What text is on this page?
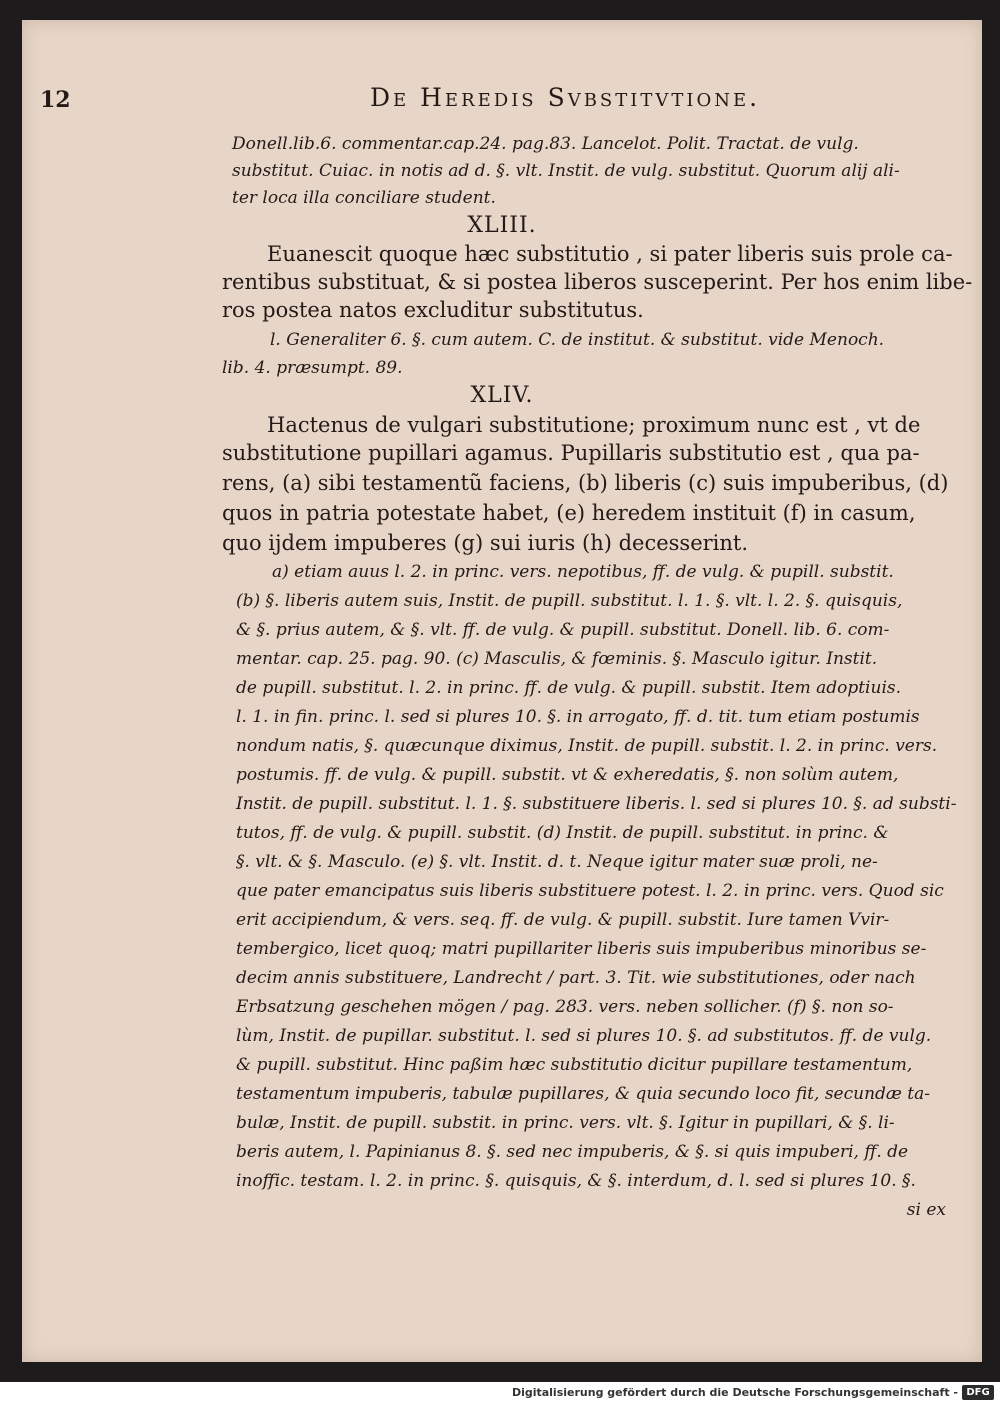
12	De Heredis Svbstitvtione.
Donell.lib.6. commentar.cap.24. pag.83. Lancelot. Polit. Tractat. de vulg.
substitut. Cuiac. in notis ad d. §. vlt. Instit. de vulg. substitut. Quorum alij ali-
ter loca illa conciliare student.
XLIII.
Euanescit quoque hæc substitutio , si pater liberis suis prole ca-
rentibus substituat, & si postea liberos susceperint. Per hos enim libe-
ros postea natos excluditur substitutus.
l. Generaliter 6. §. cum autem. C. de institut. & substitut. vide Menoch.
lib. 4. præsumpt. 89.
XLIV.
Hactenus de vulgari substitutione; proximum nunc est , vt de
substitutione pupillari agamus. Pupillaris substitutio est , qua pa-
rens, (a) sibi testamentũ faciens, (b) liberis (c) suis impuberibus, (d)
quos in patria potestate habet, (e) heredem instituit (f) in casum,
quo ijdem impuberes (g) sui iuris (h) decesserint.
a) etiam auus l. 2. in princ. vers. nepotibus, ff. de vulg. & pupill. substit.
(b) §. liberis autem suis, Instit. de pupill. substitut. l. 1. §. vlt. l. 2. §. quisquis,
& §. prius autem, & §. vlt. ff. de vulg. & pupill. substitut. Donell. lib. 6. com-
mentar. cap. 25. pag. 90. (c) Masculis, & fœminis. §. Masculo igitur. Instit.
de pupill. substitut. l. 2. in princ. ff. de vulg. & pupill. substit. Item adoptiuis.
l. 1. in fin. princ. l. sed si plures 10. §. in arrogato, ff. d. tit. tum etiam postumis
nondum natis, §. quæcunque diximus, Instit. de pupill. substit. l. 2. in princ. vers.
postumis. ff. de vulg. & pupill. substit. vt & exheredatis, §. non solùm autem,
Instit. de pupill. substitut. l. 1. §. substituere liberis. l. sed si plures 10. §. ad substi-
tutos, ff. de vulg. & pupill. substit. (d) Instit. de pupill. substitut. in princ. &
§. vlt. & §. Masculo. (e) §. vlt. Instit. d. t. Neque igitur mater suæ proli, ne-
que pater emancipatus suis liberis substituere potest. l. 2. in princ. vers. Quod sic
erit accipiendum, & vers. seq. ff. de vulg. & pupill. substit. Iure tamen Vvir-
tembergico, licet quoq; matri pupillariter liberis suis impuberibus minoribus se-
decim annis substituere, Landrecht / part. 3. Tit. wie substitutiones, oder nach
Erbsatzung geschehen mögen / pag. 283. vers. neben sollicher. (f) §. non so-
lùm, Instit. de pupillar. substitut. l. sed si plures 10. §. ad substitutos. ff. de vulg.
& pupill. substitut. Hinc paßim hæc substitutio dicitur pupillare testamentum,
testamentum impuberis, tabulæ pupillares, & quia secundo loco fit, secundæ ta-
bulæ, Instit. de pupill. substit. in princ. vers. vlt. §. Igitur in pupillari, & §. li-
beris autem, l. Papinianus 8. §. sed nec impuberis, & §. si quis impuberi, ff. de
inoffic. testam. l. 2. in princ. §. quisquis, & §. interdum, d. l. sed si plures 10. §.
si ex
Digitalisierung gefördert durch die Deutsche Forschungsgemeinschaft - DFG
